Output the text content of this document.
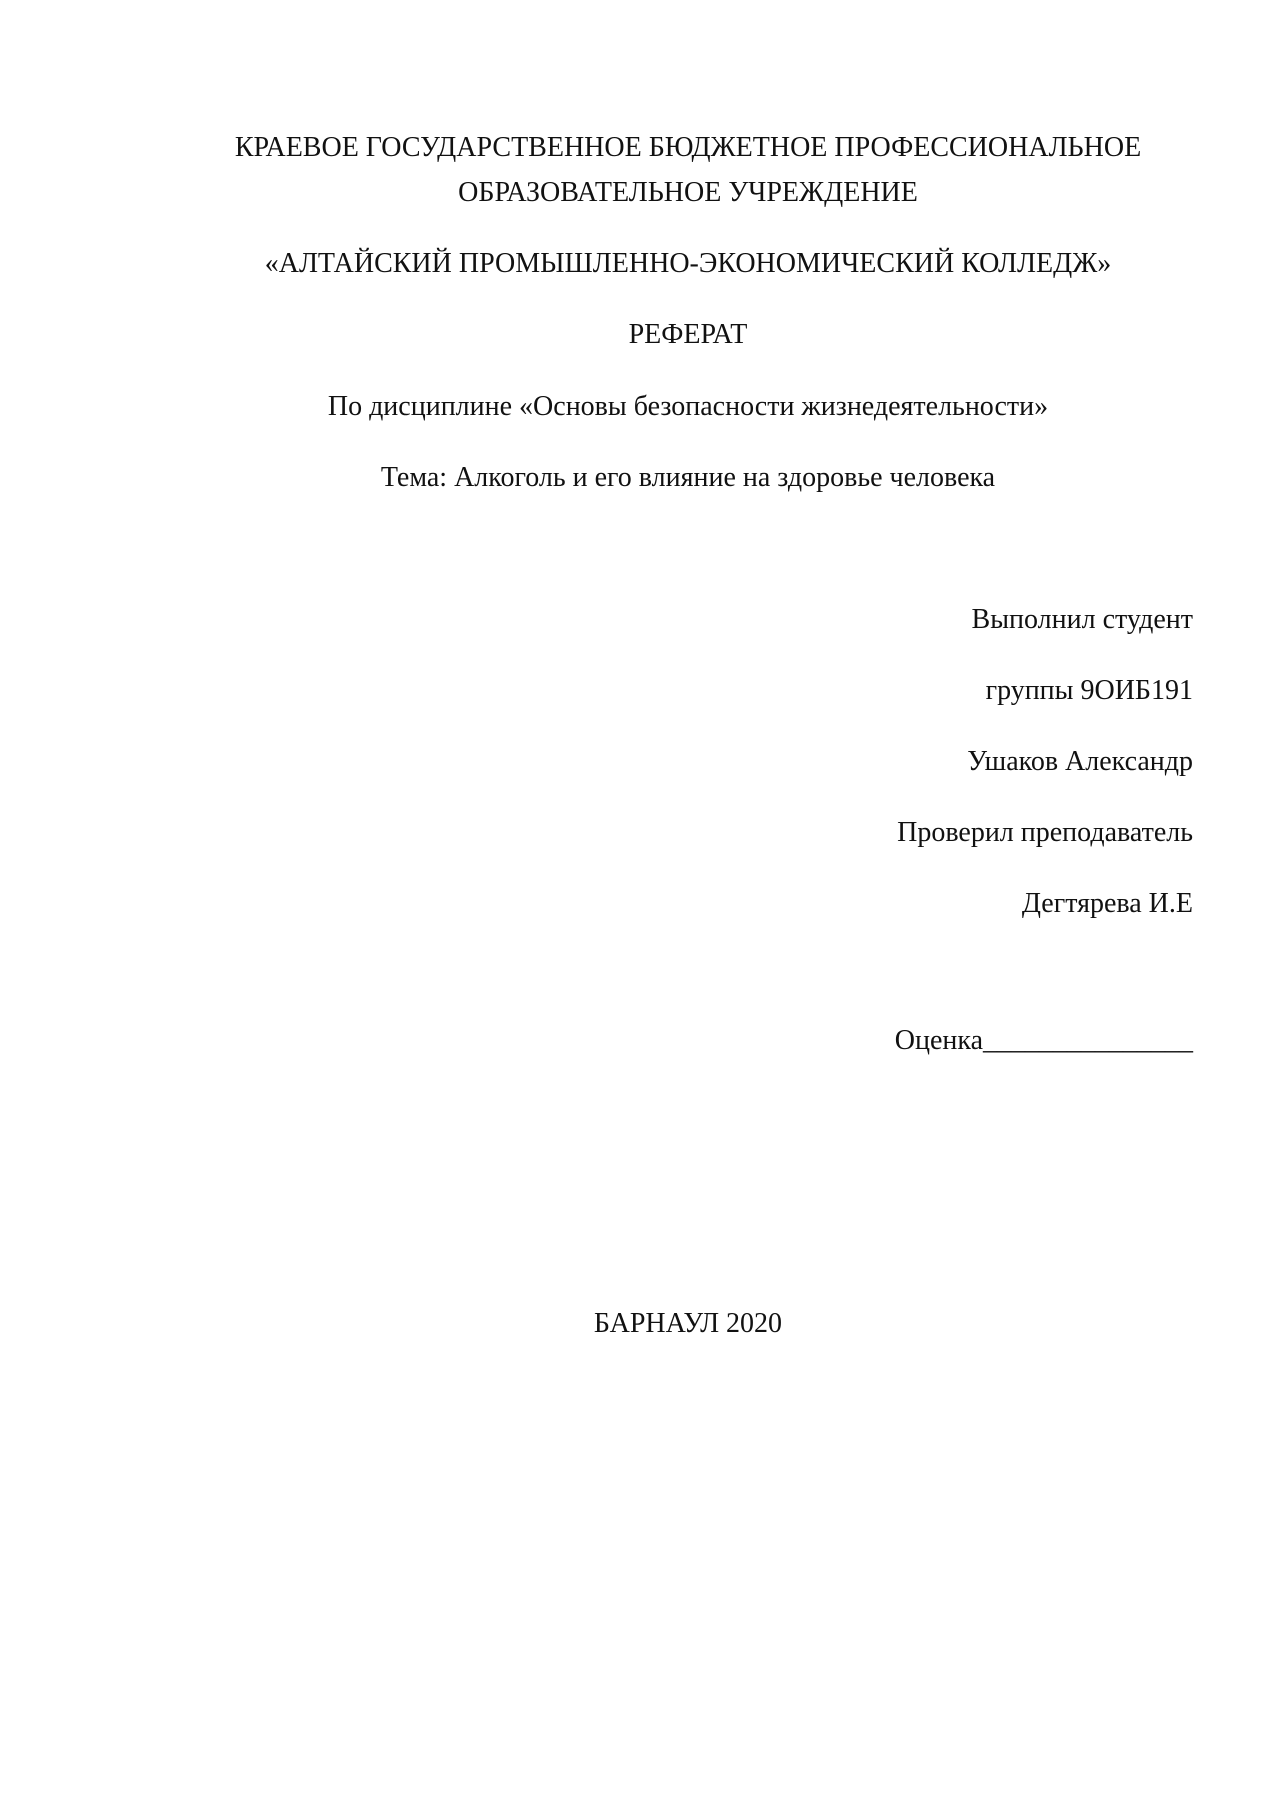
КРАЕВОЕ ГОСУДАРСТВЕННОЕ БЮДЖЕТНОЕ ПРОФЕССИОНАЛЬНОЕ
ОБРАЗОВАТЕЛЬНОЕ УЧРЕЖДЕНИЕ
«АЛТАЙСКИЙ ПРОМЫШЛЕННО-ЭКОНОМИЧЕСКИЙ КОЛЛЕДЖ»
РЕФЕРАТ
По дисциплине «Основы безопасности жизнедеятельности»
Тема: Алкоголь и его влияние на здоровье человека
Выполнил студент
группы 9ОИБ191
Ушаков Александр
Проверил преподаватель
Дегтярева И.Е
Оценка_______________
БАРНАУЛ 2020
